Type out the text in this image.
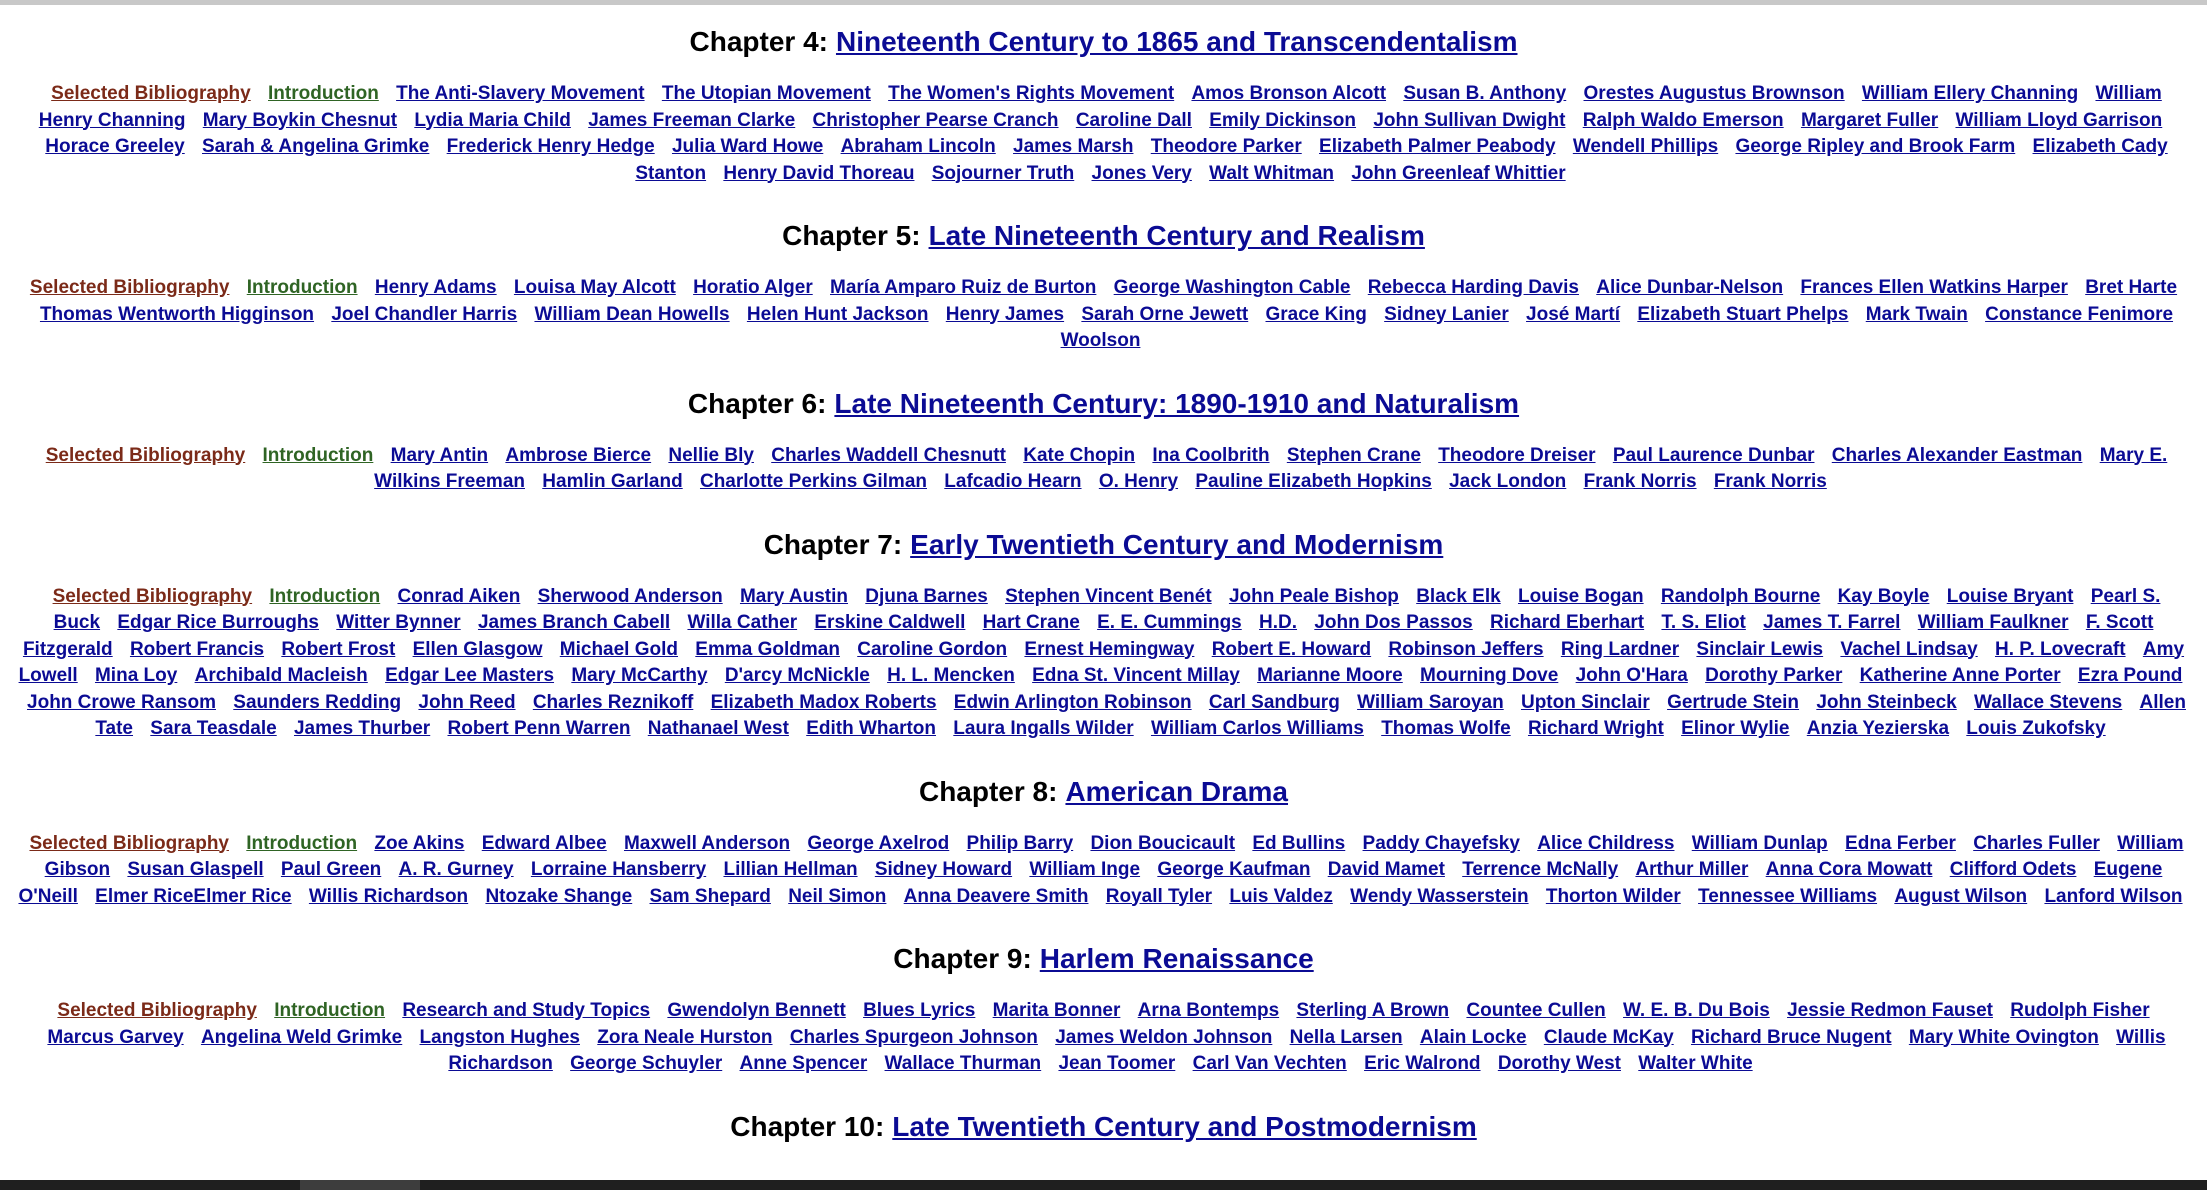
Chapter 4: Nineteenth Century to 1865 and Transcendentalism

Selected Bibliography Introduction The Anti-Slavery Movement The Utopian Movement The Women's Rights Movement Amos Bronson Alcott Susan B. Anthony Orestes Augustus Brownson William Ellery Channing William Henry Channing Mary Boykin Chesnut Lydia Maria Child James Freeman Clarke Christopher Pearse Cranch Caroline Dall Emily Dickinson John Sullivan Dwight Ralph Waldo Emerson Margaret Fuller William Lloyd Garrison Horace Greeley Sarah & Angelina Grimke Frederick Henry Hedge Julia Ward Howe Abraham Lincoln James Marsh Theodore Parker Elizabeth Palmer Peabody Wendell Phillips George Ripley and Brook Farm Elizabeth Cady Stanton Henry David Thoreau Sojourner Truth Jones Very Walt Whitman John Greenleaf Whittier

Chapter 5: Late Nineteenth Century and Realism

Selected Bibliography Introduction Henry Adams Louisa May Alcott Horatio Alger María Amparo Ruiz de Burton George Washington Cable Rebecca Harding Davis Alice Dunbar-Nelson Frances Ellen Watkins Harper Bret Harte Thomas Wentworth Higginson Joel Chandler Harris William Dean Howells Helen Hunt Jackson Henry James Sarah Orne Jewett Grace King Sidney Lanier José Martí Elizabeth Stuart Phelps Mark Twain Constance Fenimore Woolson

Chapter 6: Late Nineteenth Century: 1890-1910 and Naturalism

Selected Bibliography Introduction Mary Antin Ambrose Bierce Nellie Bly Charles Waddell Chesnutt Kate Chopin Ina Coolbrith Stephen Crane Theodore Dreiser Paul Laurence Dunbar Charles Alexander Eastman Mary E. Wilkins Freeman Hamlin Garland Charlotte Perkins Gilman Lafcadio Hearn O. Henry Pauline Elizabeth Hopkins Jack London Frank Norris Frank Norris

Chapter 7: Early Twentieth Century and Modernism

Selected Bibliography Introduction Conrad Aiken Sherwood Anderson Mary Austin Djuna Barnes Stephen Vincent Benét John Peale Bishop Black Elk Louise Bogan Randolph Bourne Kay Boyle Louise Bryant Pearl S. Buck Edgar Rice Burroughs Witter Bynner James Branch Cabell Willa Cather Erskine Caldwell Hart Crane E. E. Cummings H.D. John Dos Passos Richard Eberhart T. S. Eliot James T. Farrel William Faulkner F. Scott Fitzgerald Robert Francis Robert Frost Ellen Glasgow Michael Gold Emma Goldman Caroline Gordon Ernest Hemingway Robert E. Howard Robinson Jeffers Ring Lardner Sinclair Lewis Vachel Lindsay H. P. Lovecraft Amy Lowell Mina Loy Archibald Macleish Edgar Lee Masters Mary McCarthy D'arcy McNickle H. L. Mencken Edna St. Vincent Millay Marianne Moore Mourning Dove John O'Hara Dorothy Parker Katherine Anne Porter Ezra Pound John Crowe Ransom Saunders Redding John Reed Charles Reznikoff Elizabeth Madox Roberts Edwin Arlington Robinson Carl Sandburg William Saroyan Upton Sinclair Gertrude Stein John Steinbeck Wallace Stevens Allen Tate Sara Teasdale James Thurber Robert Penn Warren Nathanael West Edith Wharton Laura Ingalls Wilder William Carlos Williams Thomas Wolfe Richard Wright Elinor Wylie Anzia Yezierska Louis Zukofsky

Chapter 8: American Drama

Selected Bibliography Introduction Zoe Akins Edward Albee Maxwell Anderson George Axelrod Philip Barry Dion Boucicault Ed Bullins Paddy Chayefsky Alice Childress William Dunlap Edna Ferber Charles Fuller William Gibson Susan Glaspell Paul Green A. R. Gurney Lorraine Hansberry Lillian Hellman Sidney Howard William Inge George Kaufman David Mamet Terrence McNally Arthur Miller Anna Cora Mowatt Clifford Odets Eugene O'Neill Elmer RiceElmer Rice Willis Richardson Ntozake Shange Sam Shepard Neil Simon Anna Deavere Smith Royall Tyler Luis Valdez Wendy Wasserstein Thorton Wilder Tennessee Williams August Wilson Lanford Wilson

Chapter 9: Harlem Renaissance

Selected Bibliography Introduction Research and Study Topics Gwendolyn Bennett Blues Lyrics Marita Bonner Arna Bontemps Sterling A Brown Countee Cullen W. E. B. Du Bois Jessie Redmon Fauset Rudolph Fisher Marcus Garvey Angelina Weld Grimke Langston Hughes Zora Neale Hurston Charles Spurgeon Johnson James Weldon Johnson Nella Larsen Alain Locke Claude McKay Richard Bruce Nugent Mary White Ovington Willis Richardson George Schuyler Anne Spencer Wallace Thurman Jean Toomer Carl Van Vechten Eric Walrond Dorothy West Walter White

Chapter 10: Late Twentieth Century and Postmodernism
